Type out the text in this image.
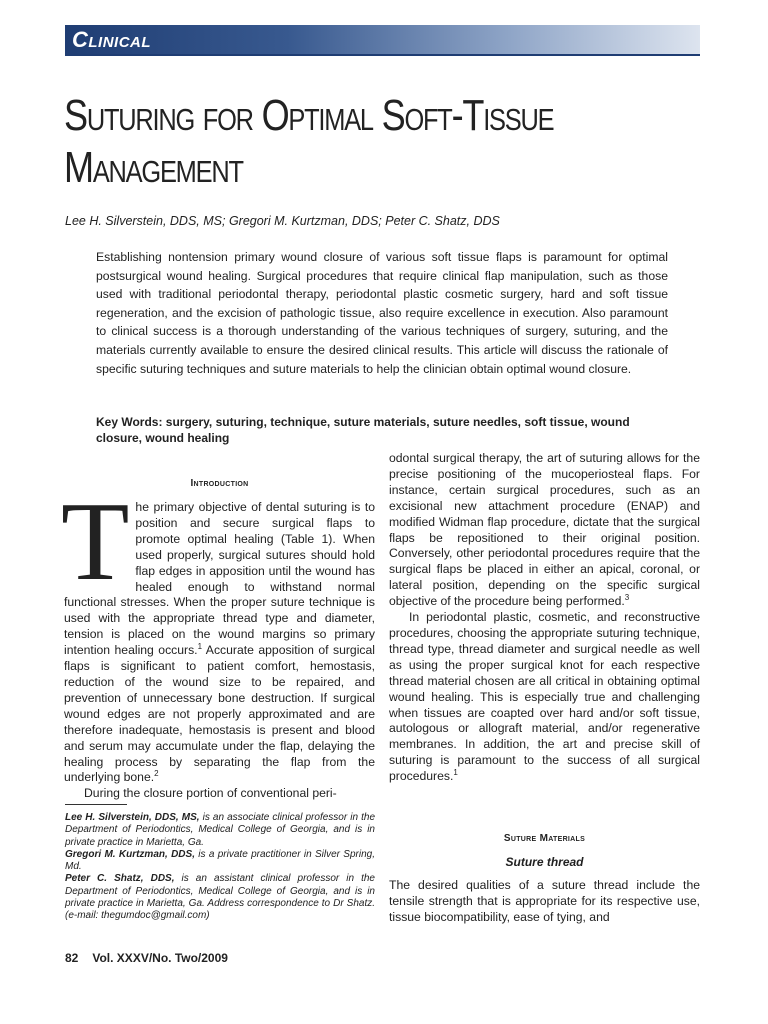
Clinical
Suturing for Optimal Soft-Tissue
Management
Lee H. Silverstein, DDS, MS; Gregori M. Kurtzman, DDS; Peter C. Shatz, DDS
Establishing nontension primary wound closure of various soft tissue flaps is paramount for optimal postsurgical wound healing. Surgical procedures that require clinical flap manipulation, such as those used with traditional periodontal therapy, periodontal plastic cosmetic surgery, hard and soft tissue regeneration, and the excision of pathologic tissue, also require excellence in execution. Also paramount to clinical success is a thorough understanding of the various techniques of surgery, suturing, and the materials currently available to ensure the desired clinical results. This article will discuss the rationale of specific suturing techniques and suture materials to help the clinician obtain optimal wound closure.
Key Words: surgery, suturing, technique, suture materials, suture needles, soft tissue, wound closure, wound healing
Introduction

The primary objective of dental suturing is to position and secure surgical flaps to promote optimal healing (Table 1). When used properly, surgical sutures should hold flap edges in apposition until the wound has healed enough to withstand normal functional stresses. When the proper suture technique is used with the appropriate thread type and diameter, tension is placed on the wound margins so primary intention healing occurs.$^1$ Accurate apposition of surgical flaps is significant to patient comfort, hemostasis, reduction of the wound size to be repaired, and prevention of unnecessary bone destruction. If surgical wound edges are not properly approximated and are therefore inadequate, hemostasis is present and blood and serum may accumulate under the flap, delaying the healing process by separating the flap from the underlying bone.$^2$

During the closure portion of conventional peri-

Lee H. Silverstein, DDS, MS, is an associate clinical professor in the Department of Periodontics, Medical College of Georgia, and is in private practice in Marietta, Ga.

Gregori M. Kurtzman, DDS, is a private practitioner in Silver Spring, Md.

Peter C. Shatz, DDS, is an assistant clinical professor in the Department of Periodontics, Medical College of Georgia, and is in private practice in Marietta, Ga. Address correspondence to Dr Shatz. (e-mail: thegumdoc@gmail.com)

odontal surgical therapy, the art of suturing allows for the precise positioning of the mucoperiosteal flaps. For instance, certain surgical procedures, such as an excisional new attachment procedure (ENAP) and modified Widman flap procedure, dictate that the surgical flaps be repositioned to their original position. Conversely, other periodontal procedures require that the surgical flaps be placed in either an apical, coronal, or lateral position, depending on the specific surgical objective of the procedure being performed.$^3$

In periodontal plastic, cosmetic, and reconstructive procedures, choosing the appropriate suturing technique, thread type, thread diameter and surgical needle as well as using the proper surgical knot for each respective thread material chosen are all critical in obtaining optimal wound healing. This is especially true and challenging when tissues are coapted over hard and/or soft tissue, autologous or allograft material, and/or regenerative membranes. In addition, the art and precise skill of suturing is paramount to the success of all surgical procedures.$^1$

Suture Materials
Suture thread

The desired qualities of a suture thread include the tensile strength that is appropriate for its respective use, tissue biocompatibility, ease of tying, and

82 Vol. XXXV/No. Two/2009
